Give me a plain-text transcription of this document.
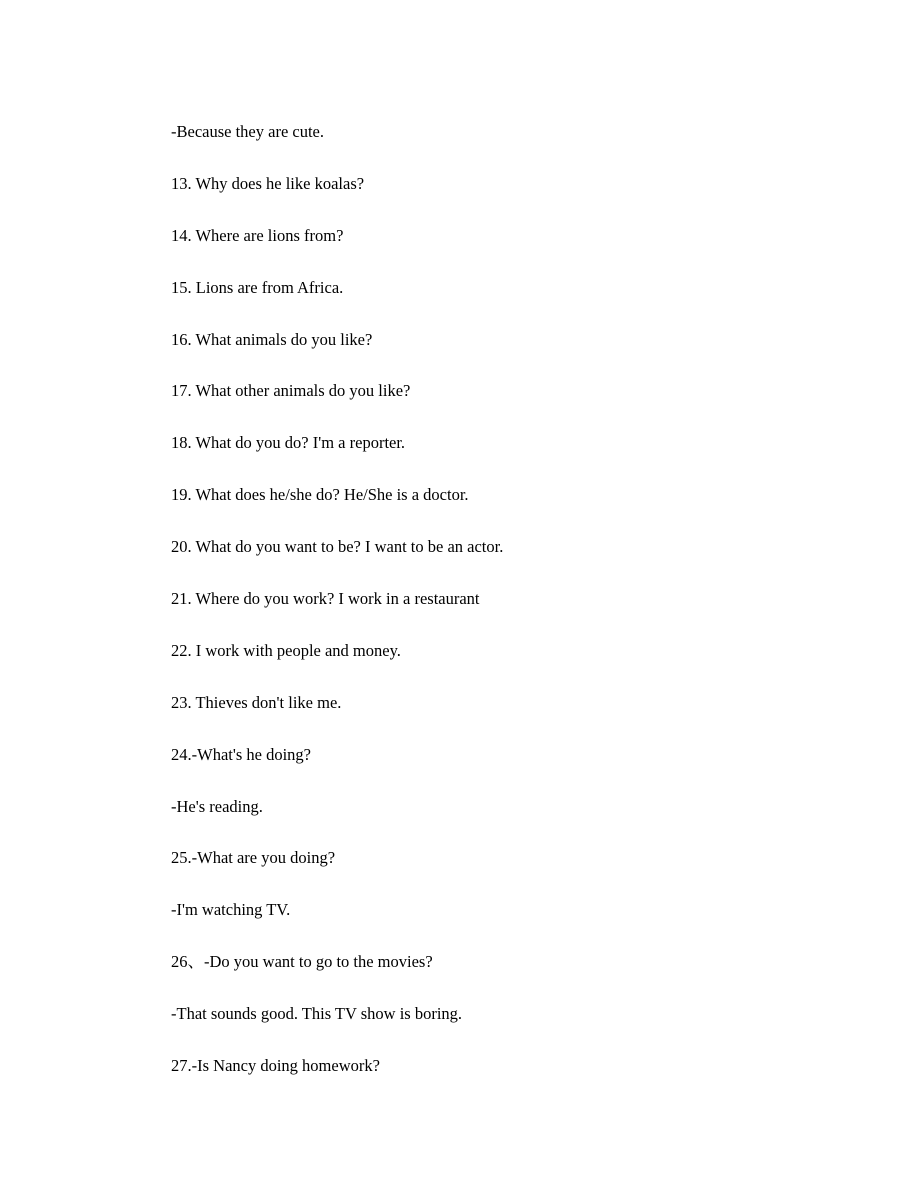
-Because they are cute.
13. Why does he like koalas?
14. Where are lions from?
15. Lions are from Africa.
16. What animals do you like?
17. What other animals do you like?
18. What do you do? I'm a reporter.
19. What does he/she do? He/She is a doctor.
20. What do you want to be? I want to be an actor.
21. Where do you work? I work in a restaurant
22. I work with people and money.
23. Thieves don't like me.
24.-What's he doing?
-He's reading.
25.-What are you doing?
-I'm watching TV.
26、-Do you want to go to the movies?
-That sounds good. This TV show is boring.
27.-Is Nancy doing homework?
